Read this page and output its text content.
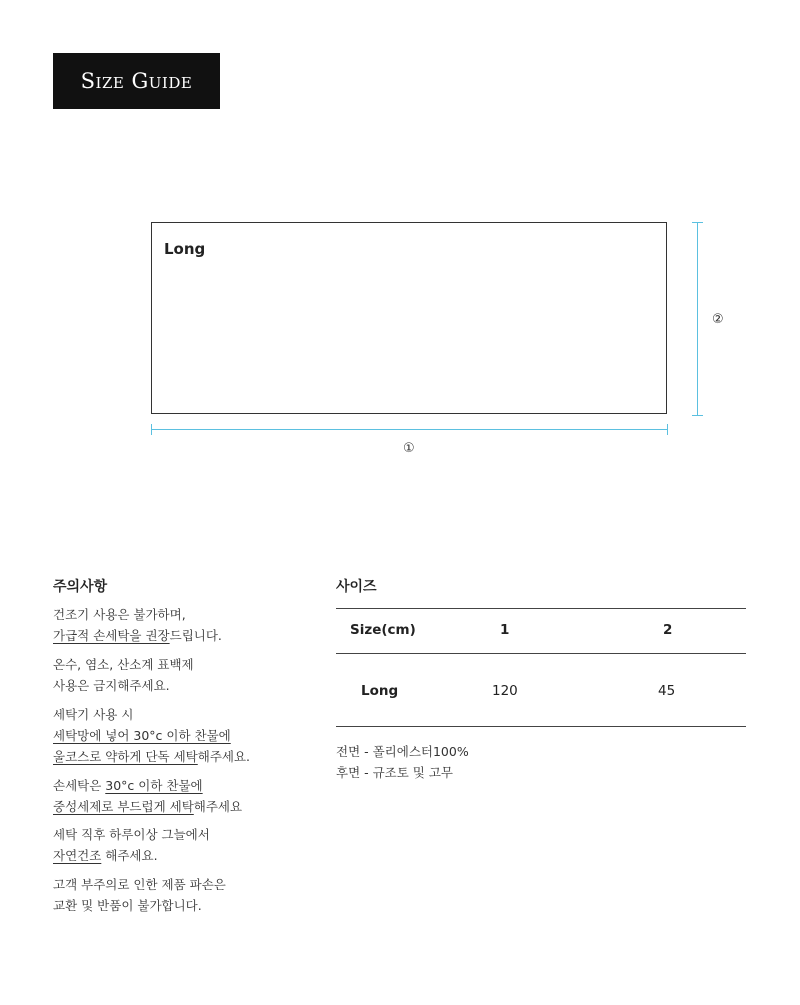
Size Guide
Long
②
①
주의사항
건조기 사용은 불가하며,
가급적 손세탁을 권장드립니다.
온수, 염소, 산소계 표백제
사용은 금지해주세요.
세탁기 사용 시
세탁망에 넣어 30°c 이하 찬물에
울코스로 약하게 단독 세탁해주세요.
손세탁은 30°c 이하 찬물에
중성세제로 부드럽게 세탁해주세요
세탁 직후 하루이상 그늘에서
자연건조 해주세요.
고객 부주의로 인한 제품 파손은
교환 및 반품이 불가합니다.
사이즈
Size(cm)	1	2
Long	120	45
전면 - 폴리에스터100%
후면 - 규조토 및 고무
